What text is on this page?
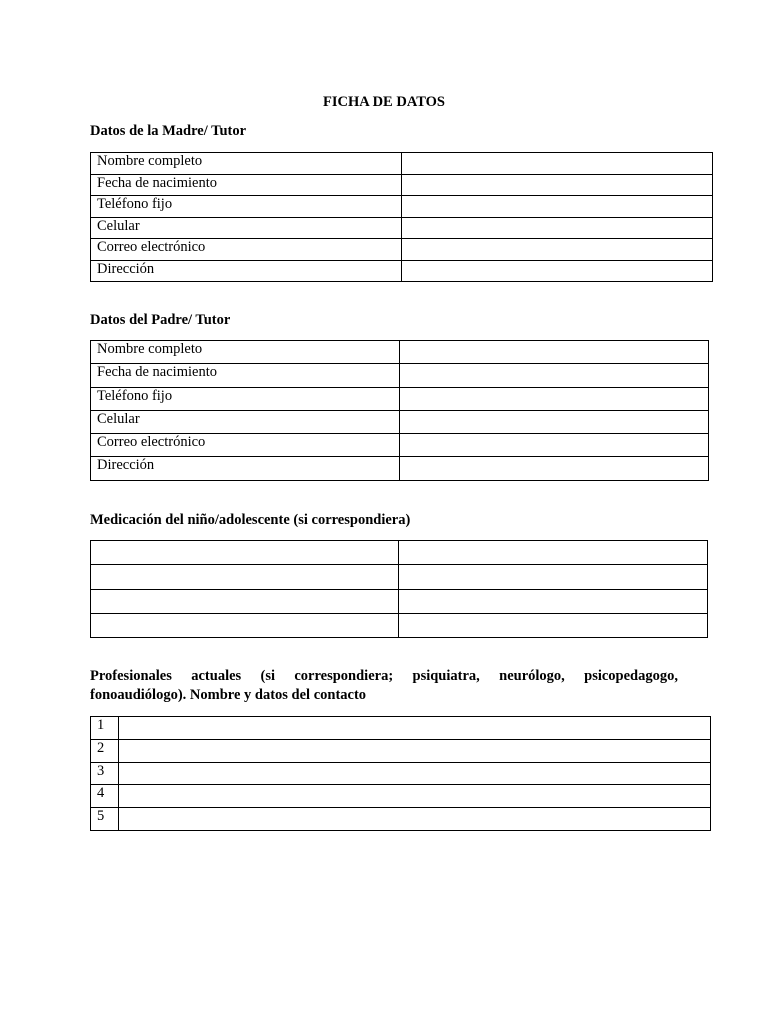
FICHA DE DATOS

Datos de la Madre/ Tutor

Nombre completo	
Fecha de nacimiento	
Teléfono fijo	
Celular	
Correo electrónico	
Dirección	

Datos del Padre/ Tutor

Nombre completo	
Fecha de nacimiento	
Teléfono fijo	
Celular	
Correo electrónico	
Dirección	

Medicación del niño/adolescente (si correspondiera)

Profesionales actuales (si correspondiera; psiquiatra, neurólogo, psicopedagogo, fonoaudiólogo). Nombre y datos del contacto

1	
2	
3	
4	
5	
